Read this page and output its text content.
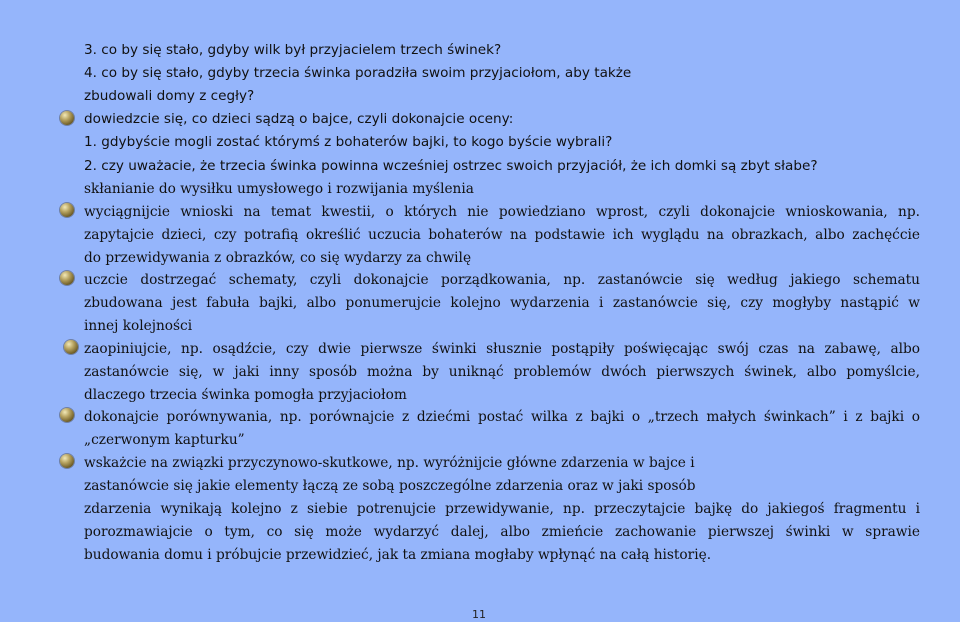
3. co by się stało, gdyby wilk był przyjacielem trzech świnek?
4. co by się stało, gdyby trzecia świnka poradziła swoim przyjaciołom, aby także
zbudowali domy z cegły?
dowiedzcie się, co dzieci sądzą o bajce, czyli dokonajcie oceny:
1. gdybyście mogli zostać którymś z bohaterów bajki, to kogo byście wybrali?
2. czy uważacie, że trzecia świnka powinna wcześniej ostrzec swoich przyjaciół, że ich domki są zbyt słabe?
skłanianie do wysiłku umysłowego i rozwijania myślenia
wyciągnijcie wnioski na temat kwestii, o których nie powiedziano wprost, czyli dokonajcie wnioskowania, np.
zapytajcie dzieci, czy potrafią określić uczucia bohaterów na podstawie ich wyglądu na obrazkach, albo zachęćcie
do przewidywania z obrazków, co się wydarzy za chwilę
uczcie dostrzegać schematy, czyli dokonajcie porządkowania, np. zastanówcie się według jakiego schematu
zbudowana jest fabuła bajki, albo ponumerujcie kolejno wydarzenia i zastanówcie się, czy mogłyby nastąpić w
innej kolejności
zaopiniujcie, np. osądźcie, czy dwie pierwsze świnki słusznie postąpiły poświęcając swój czas na zabawę, albo
zastanówcie się, w jaki inny sposób można by uniknąć problemów dwóch pierwszych świnek, albo pomyślcie,
dlaczego trzecia świnka pomogła przyjaciołom
dokonajcie porównywania, np. porównajcie z dziećmi postać wilka z bajki o „trzech małych świnkach” i z bajki o
„czerwonym kapturku”
wskażcie na związki przyczynowo-skutkowe, np. wyróżnijcie główne zdarzenia w bajce i
zastanówcie się jakie elementy łączą ze sobą poszczególne zdarzenia oraz w jaki sposób
zdarzenia wynikają kolejno z siebie potrenujcie przewidywanie, np. przeczytajcie bajkę do jakiegoś fragmentu i
porozmawiajcie o tym, co się może wydarzyć dalej, albo zmieńcie zachowanie pierwszej świnki w sprawie
budowania domu i próbujcie przewidzieć, jak ta zmiana mogłaby wpłynąć na całą historię.
11
